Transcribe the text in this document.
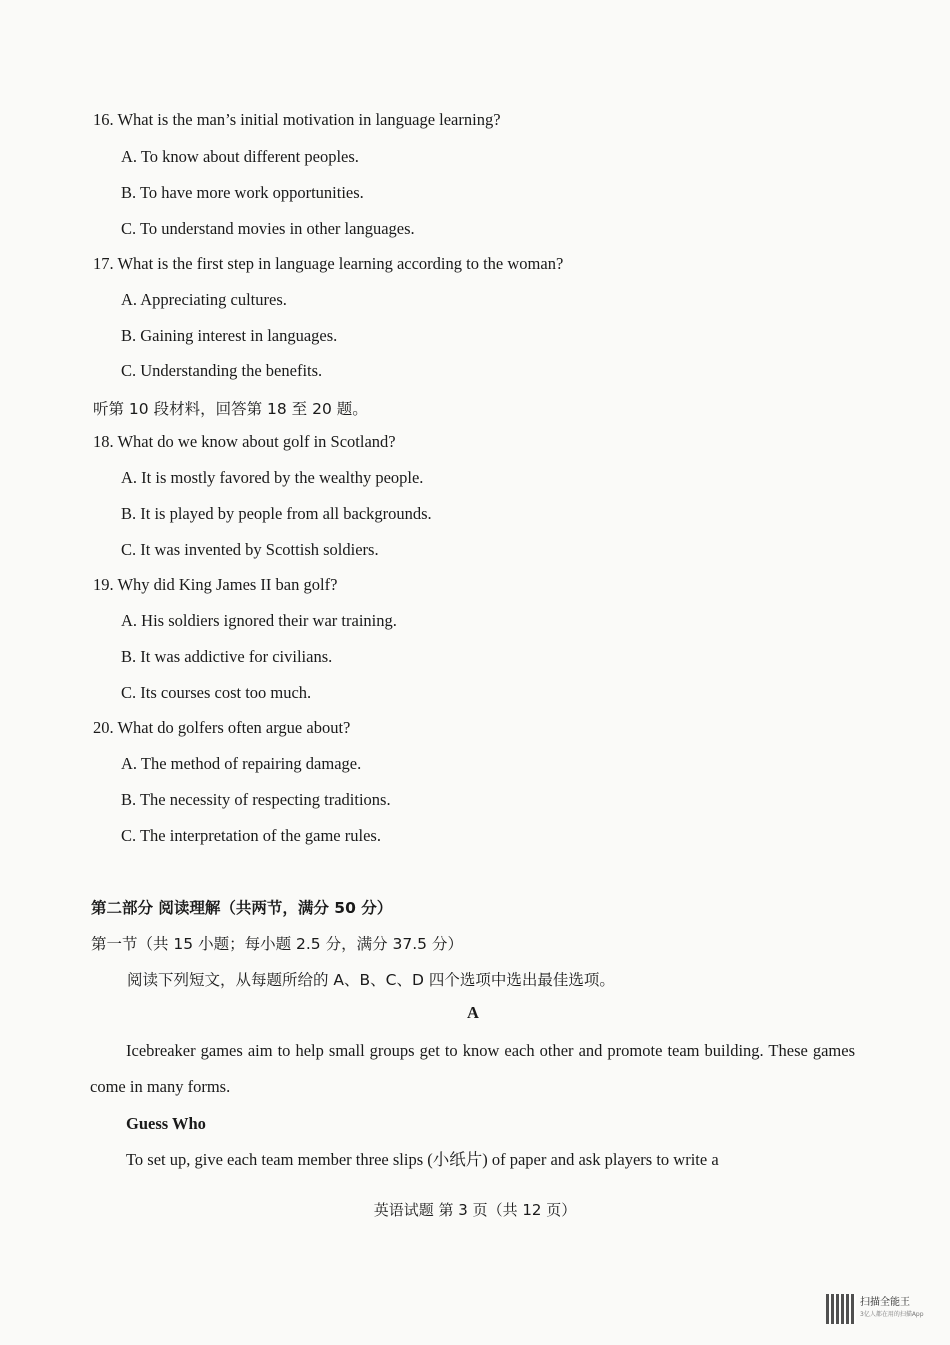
16. What is the man’s initial motivation in language learning?
A. To know about different peoples.
B. To have more work opportunities.
C. To understand movies in other languages.
17. What is the first step in language learning according to the woman?
A. Appreciating cultures.
B. Gaining interest in languages.
C. Understanding the benefits.
听第 10 段材料，回答第 18 至 20 题。
18. What do we know about golf in Scotland?
A. It is mostly favored by the wealthy people.
B. It is played by people from all backgrounds.
C. It was invented by Scottish soldiers.
19. Why did King James II ban golf?
A. His soldiers ignored their war training.
B. It was addictive for civilians.
C. Its courses cost too much.
20. What do golfers often argue about?
A. The method of repairing damage.
B. The necessity of respecting traditions.
C. The interpretation of the game rules.
第二部分 阅读理解（共两节，满分 50 分）
第一节（共 15 小题；每小题 2.5 分，满分 37.5 分）
阅读下列短文，从每题所给的 A、B、C、D 四个选项中选出最佳选项。
A
Icebreaker games aim to help small groups get to know each other and promote team building. These games come in many forms.
Guess Who
To set up, give each team member three slips (小纸片) of paper and ask players to write a
英语试题 第 3 页（共 12 页）
扫描全能王
3亿人都在用的扫描App
